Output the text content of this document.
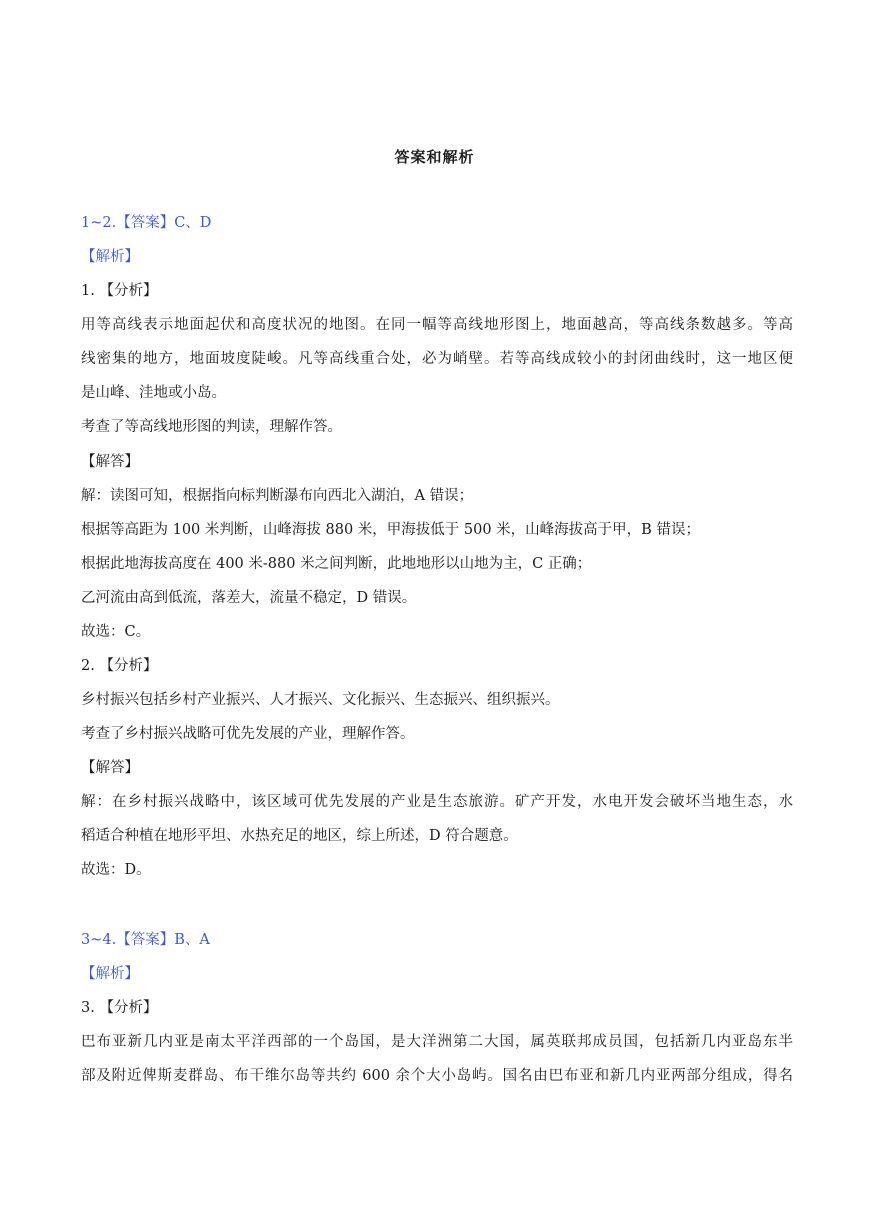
答案和解析
1~2.【答案】C、D
【解析】
1. 【分析】
用等高线表示地面起伏和高度状况的地图。在同一幅等高线地形图上，地面越高，等高线条数越多。等高
线密集的地方，地面坡度陡峻。凡等高线重合处，必为峭壁。若等高线成较小的封闭曲线时，这一地区便
是山峰、洼地或小岛。
考查了等高线地形图的判读，理解作答。
【解答】
解：读图可知，根据指向标判断瀑布向西北入湖泊，A 错误；
根据等高距为 100 米判断，山峰海拔 880 米，甲海拔低于 500 米，山峰海拔高于甲，B 错误；
根据此地海拔高度在 400 米-880 米之间判断，此地地形以山地为主，C 正确；
乙河流由高到低流，落差大，流量不稳定，D 错误。
故选：C。
2. 【分析】
乡村振兴包括乡村产业振兴、人才振兴、文化振兴、生态振兴、组织振兴。
考查了乡村振兴战略可优先发展的产业，理解作答。
【解答】
解：在乡村振兴战略中，该区域可优先发展的产业是生态旅游。矿产开发，水电开发会破坏当地生态，水
稻适合种植在地形平坦、水热充足的地区，综上所述，D 符合题意。
故选：D。
3~4.【答案】B、A
【解析】
3. 【分析】
巴布亚新几内亚是南太平洋西部的一个岛国，是大洋洲第二大国，属英联邦成员国，包括新几内亚岛东半
部及附近俾斯麦群岛、布干维尔岛等共约 600 余个大小岛屿。国名由巴布亚和新几内亚两部分组成，得名
